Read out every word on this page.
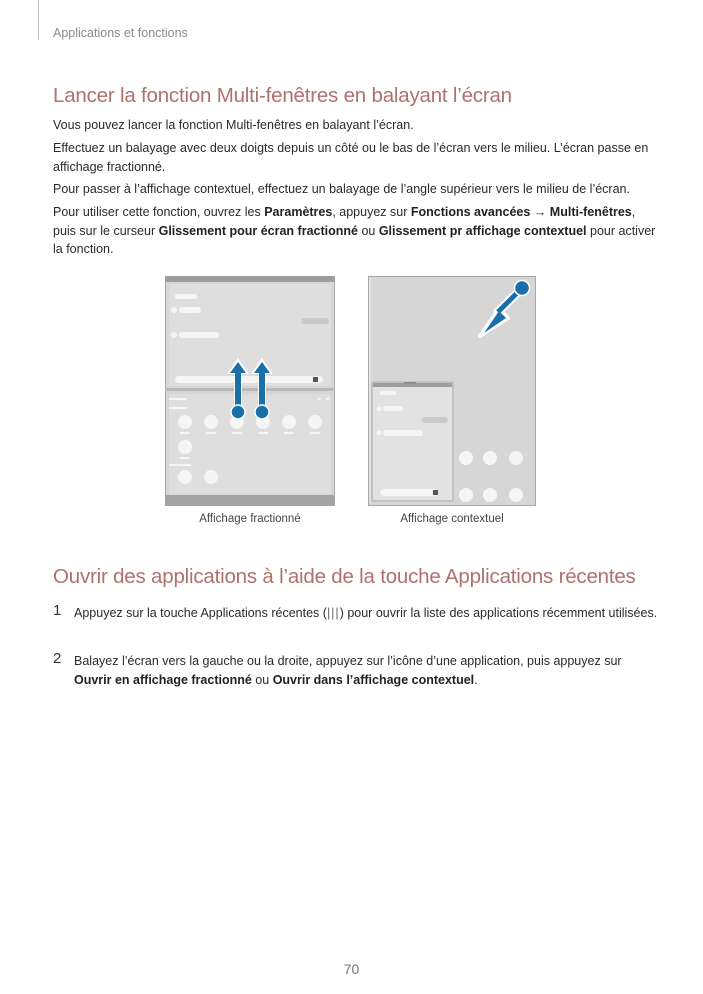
Applications et fonctions
Lancer la fonction Multi-fenêtres en balayant l’écran

Vous pouvez lancer la fonction Multi-fenêtres en balayant l’écran.

Effectuez un balayage avec deux doigts depuis un côté ou le bas de l’écran vers le milieu. L’écran passe en affichage fractionné.

Pour passer à l’affichage contextuel, effectuez un balayage de l’angle supérieur vers le milieu de l’écran.

Pour utiliser cette fonction, ouvrez les Paramètres, appuyez sur Fonctions avancées → Multi-fenêtres, puis sur le curseur Glissement pour écran fractionné ou Glissement pr affichage contextuel pour activer la fonction.

Affichage fractionné	Affichage contextuel
Ouvrir des applications à l’aide de la touche Applications récentes
1 Appuyez sur la touche Applications récentes (|||) pour ouvrir la liste des applications récemment utilisées.

2 Balayez l’écran vers la gauche ou la droite, appuyez sur l’icône d’une application, puis appuyez sur Ouvrir en affichage fractionné ou Ouvrir dans l’affichage contextuel.

70
